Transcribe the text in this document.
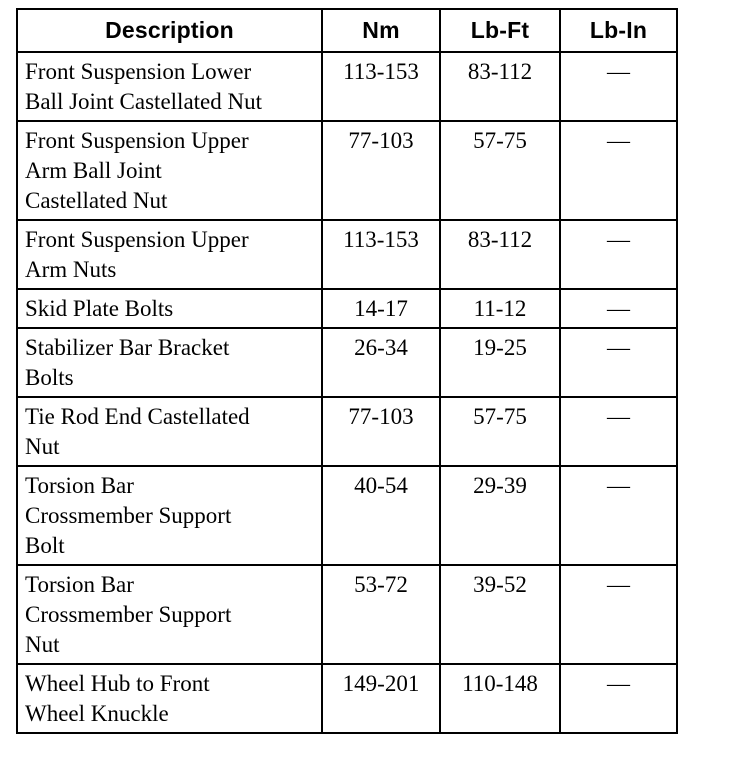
Description	Nm	Lb-Ft	Lb-In
Front Suspension Lower
Ball Joint Castellated Nut	113-153	83-112	—
Front Suspension Upper
Arm Ball Joint
Castellated Nut	77-103	57-75	—
Front Suspension Upper
Arm Nuts	113-153	83-112	—
Skid Plate Bolts	14-17	11-12	—
Stabilizer Bar Bracket
Bolts	26-34	19-25	—
Tie Rod End Castellated
Nut	77-103	57-75	—
Torsion Bar
Crossmember Support
Bolt	40-54	29-39	—
Torsion Bar
Crossmember Support
Nut	53-72	39-52	—
Wheel Hub to Front
Wheel Knuckle	149-201	110-148	—
